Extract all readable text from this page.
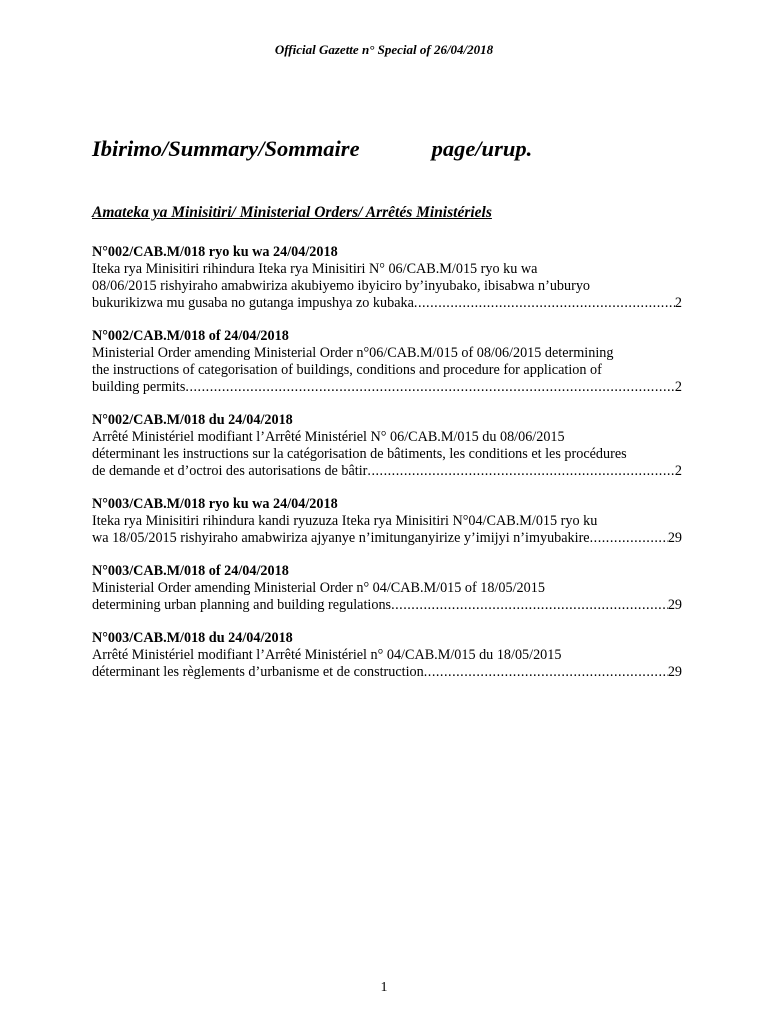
Official Gazette n° Special of 26/04/2018
Ibirimo/Summary/Sommaire	page/urup.
Amateka ya Minisitiri/ Ministerial Orders/ Arrêtés Ministériels
N°002/CAB.M/018 ryo ku wa 24/04/2018
Iteka rya Minisitiri rihindura Iteka rya Minisitiri N° 06/CAB.M/015 ryo ku wa
08/06/2015 rishyiraho amabwiriza akubiyemo ibyiciro by’inyubako, ibisabwa n’uburyo
bukurikizwa mu gusaba no gutanga impushya zo kubaka .....	2
N°002/CAB.M/018 of 24/04/2018
Ministerial Order amending Ministerial Order n°06/CAB.M/015 of 08/06/2015 determining
the instructions of categorisation of buildings, conditions and procedure for application of
building permits .....	2
N°002/CAB.M/018 du 24/04/2018
Arrêté Ministériel modifiant l’Arrêté Ministériel N° 06/CAB.M/015 du 08/06/2015
déterminant les instructions sur la catégorisation de bâtiments, les conditions et les procédures
de demande et d’octroi des autorisations de bâtir .....	2
N°003/CAB.M/018 ryo ku wa 24/04/2018
Iteka rya Minisitiri rihindura kandi ryuzuza Iteka rya Minisitiri N°04/CAB.M/015 ryo ku
wa 18/05/2015 rishyiraho amabwiriza ajyanye n’imitunganyirize y’imijyi n’imyubakire .....	29
N°003/CAB.M/018 of 24/04/2018
Ministerial Order amending Ministerial Order n° 04/CAB.M/015 of 18/05/2015
determining urban planning and building regulations .....	29
N°003/CAB.M/018 du 24/04/2018
Arrêté Ministériel modifiant l’Arrêté Ministériel n° 04/CAB.M/015 du 18/05/2015
déterminant les règlements d’urbanisme et de construction .....	29
1
